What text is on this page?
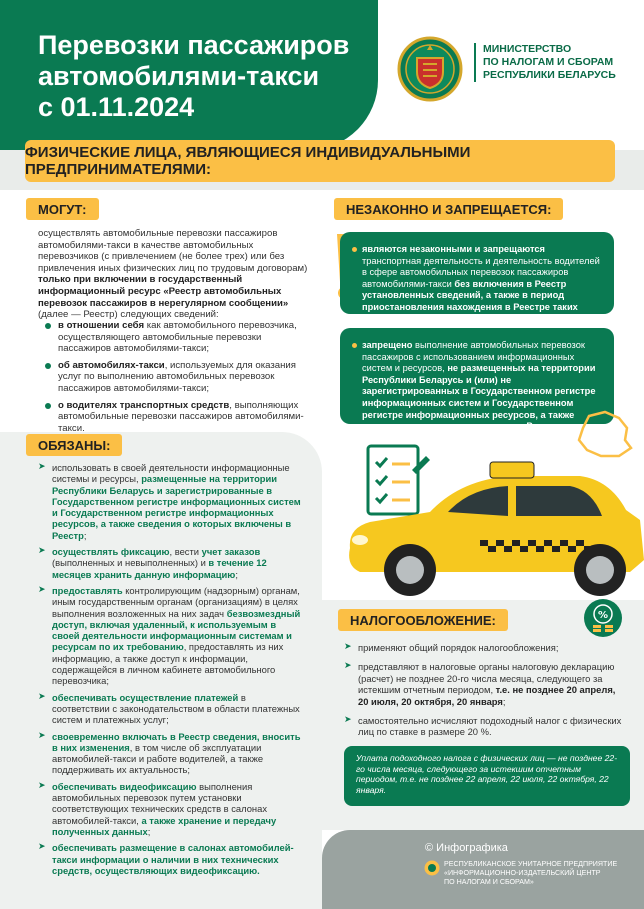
Перевозки пассажиров
автомобилями-такси
с 01.11.2024
МИНИСТЕРСТВО
ПО НАЛОГАМ И СБОРАМ
РЕСПУБЛИКИ БЕЛАРУСЬ
ФИЗИЧЕСКИЕ ЛИЦА, ЯВЛЯЮЩИЕСЯ ИНДИВИДУАЛЬНЫМИ ПРЕДПРИНИМАТЕЛЯМИ:
МОГУТ:
осуществлять автомобильные перевозки пассажиров автомобилями-такси в качестве автомобильных перевозчиков (с привлечением (не более трех) или без привлечения иных физических лиц по трудовым договорам) только при включении в государственный информационный ресурс «Реестр автомобильных перевозок пассажиров в нерегулярном сообщении» (далее — Реестр) следующих сведений:
в отношении себя как автомобильного перевозчика, осуществляющего автомобильные перевозки пассажиров автомобилями-такси;
об автомобилях-такси, используемых для оказания услуг по выполнению автомобильных перевозок пассажиров автомобилями-такси;
о водителях транспортных средств, выполняющих автомобильные перевозки пассажиров автомобилями-такси.
НЕЗАКОННО И ЗАПРЕЩАЕТСЯ:
являются незаконными и запрещаются транспортная деятельность и деятельность водителей в сфере автомобильных перевозок пассажиров автомобилями-такси без включения в Реестр установленных сведений, а также в период приостановления нахождения в Реестре таких сведений;
запрещено выполнение автомобильных перевозок пассажиров с использованием информационных систем и ресурсов, не размещенных на территории Республики Беларусь и (или) не зарегистрированных в Государственном регистре информационных систем и Государственном регистре информационных ресурсов, а также сведения о которых отсутствуют в Реестре.
ОБЯЗАНЫ:
➤ использовать в своей деятельности информационные системы и ресурсы, размещенные на территории Республики Беларусь и зарегистрированные в Государственном регистре информационных систем и Государственном регистре информационных ресурсов, а также сведения о которых включены в Реестр;
➤ осуществлять фиксацию, вести учет заказов (выполненных и невыполненных) и в течение 12 месяцев хранить данную информацию;
➤ предоставлять контролирующим (надзорным) органам, иным государственным органам (организациям) в целях выполнения возложенных на них задач безвозмездный доступ, включая удаленный, к используемым в своей деятельности информационным системам и ресурсам по их требованию, предоставлять из них информацию, а также доступ к информации, содержащейся в личном кабинете автомобильного перевозчика;
➤ обеспечивать осуществление платежей в соответствии с законодательством в области платежных систем и платежных услуг;
➤ своевременно включать в Реестр сведения, вносить в них изменения, в том числе об эксплуатации автомобилей-такси и работе водителей, а также поддерживать их актуальность;
➤ обеспечивать видеофиксацию выполнения автомобильных перевозок путем установки соответствующих технических средств в салонах автомобилей-такси, а также хранение и передачу полученных данных;
➤ обеспечивать размещение в салонах автомобилей-такси информации о наличии в них технических средств, осуществляющих видеофиксацию.
НАЛОГООБЛОЖЕНИЕ:	%
➤ применяют общий порядок налогообложения;
➤ представляют в налоговые органы налоговую декларацию (расчет) не позднее 20-го числа месяца, следующего за истекшим отчетным периодом, т.е. не позднее 20 апреля, 20 июля, 20 октября, 20 января;
➤ самостоятельно исчисляют подоходный налог с физических лиц по ставке в размере 20 %.
Уплата подоходного налога с физических лиц — не позднее 22-го числа месяца, следующего за истекшим отчетным периодом, т.е. не позднее 22 апреля, 22 июля, 22 октября, 22 января.
© Инфографика
РЕСПУБЛИКАНСКОЕ УНИТАРНОЕ ПРЕДПРИЯТИЕ
«ИНФОРМАЦИОННО-ИЗДАТЕЛЬСКИЙ ЦЕНТР
ПО НАЛОГАМ И СБОРАМ»
